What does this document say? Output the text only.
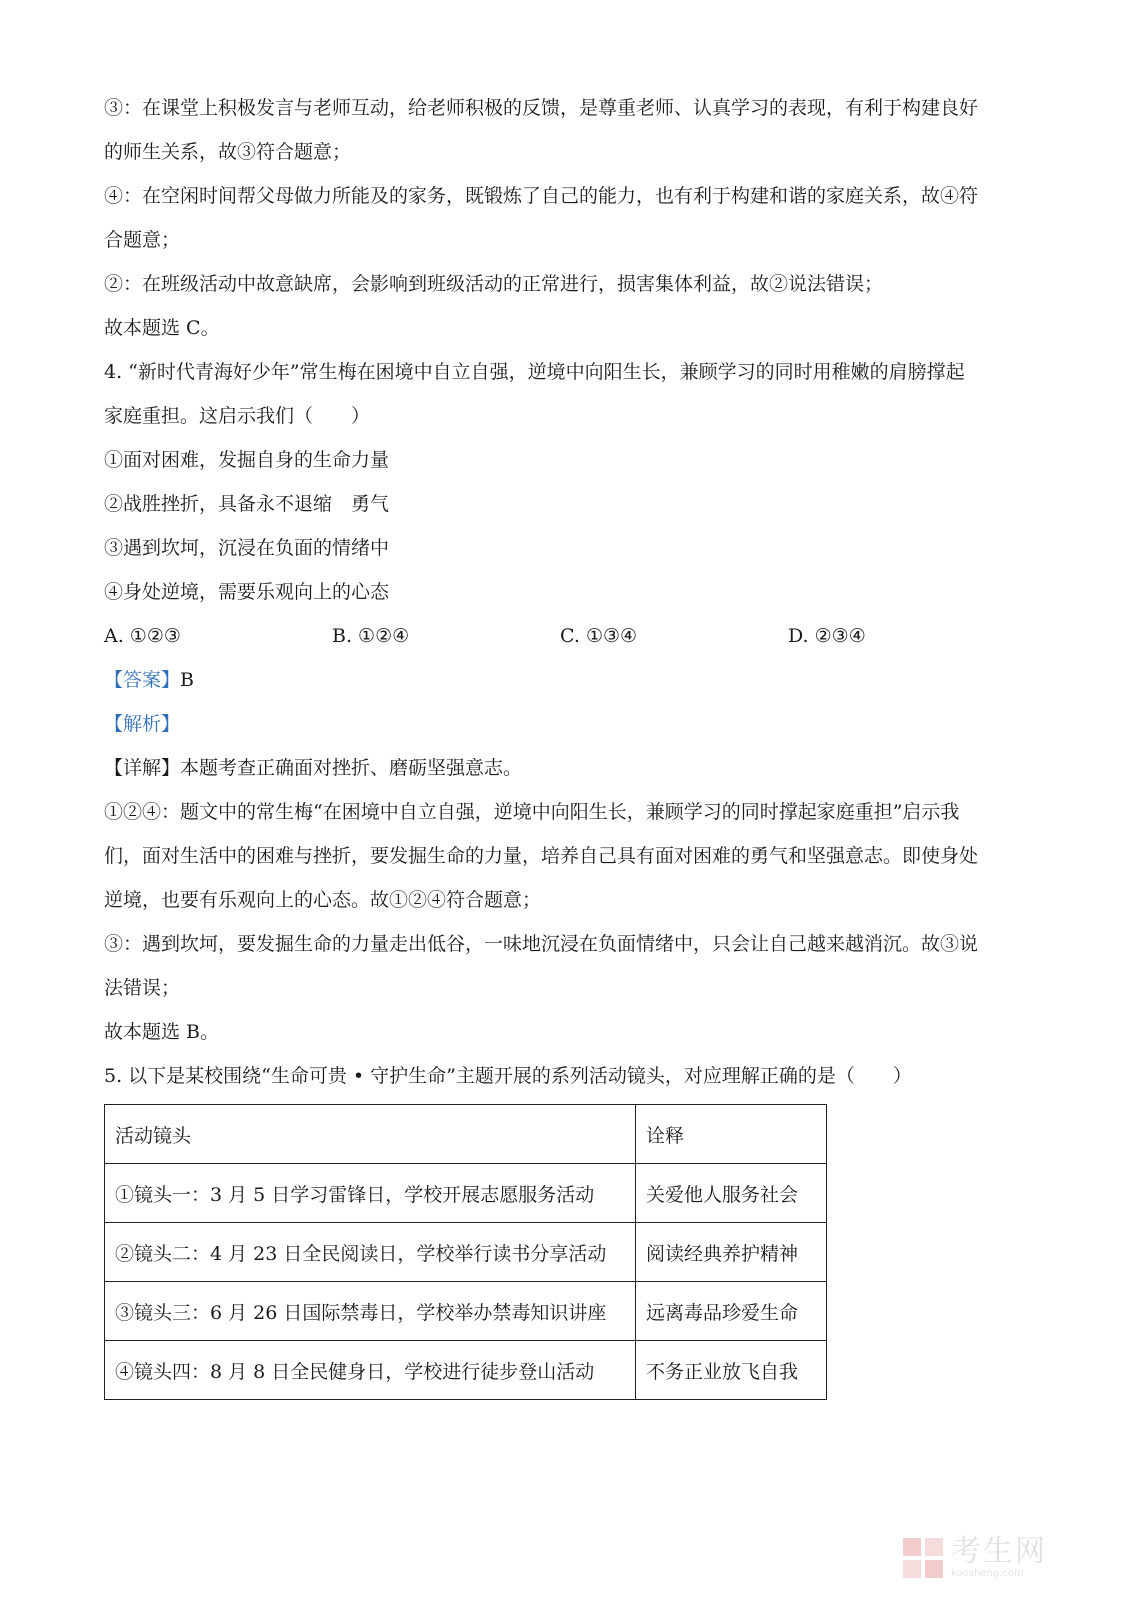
③：在课堂上积极发言与老师互动，给老师积极的反馈，是尊重老师、认真学习的表现，有利于构建良好
的师生关系，故③符合题意；
④：在空闲时间帮父母做力所能及的家务，既锻炼了自己的能力，也有利于构建和谐的家庭关系，故④符
合题意；
②：在班级活动中故意缺席，会影响到班级活动的正常进行，损害集体利益，故②说法错误；
故本题选 C。
4. “新时代青海好少年”常生梅在困境中自立自强，逆境中向阳生长，兼顾学习的同时用稚嫩的肩膀撑起
家庭重担。这启示我们（　　）
①面对困难，发掘自身的生命力量
②战胜挫折，具备永不退缩　勇气
③遇到坎坷，沉浸在负面的情绪中
④身处逆境，需要乐观向上的心态
A. ①②③	B. ①②④	C. ①③④	D. ②③④
【答案】B
【解析】
【详解】本题考查正确面对挫折、磨砺坚强意志。
①②④：题文中的常生梅“在困境中自立自强，逆境中向阳生长，兼顾学习的同时撑起家庭重担”启示我
们，面对生活中的困难与挫折，要发掘生命的力量，培养自己具有面对困难的勇气和坚强意志。即使身处
逆境，也要有乐观向上的心态。故①②④符合题意；
③：遇到坎坷，要发掘生命的力量走出低谷，一味地沉浸在负面情绪中，只会让自己越来越消沉。故③说
法错误；
故本题选 B。
5. 以下是某校围绕“生命可贵 • 守护生命”主题开展的系列活动镜头，对应理解正确的是（　　）
活动镜头	诠释
①镜头一：3 月 5 日学习雷锋日，学校开展志愿服务活动	关爱他人服务社会
②镜头二：4 月 23 日全民阅读日，学校举行读书分享活动	阅读经典养护精神
③镜头三：6 月 26 日国际禁毒日，学校举办禁毒知识讲座	远离毒品珍爱生命
④镜头四：8 月 8 日全民健身日，学校进行徒步登山活动	不务正业放飞自我
考生网
kaosheng.com
